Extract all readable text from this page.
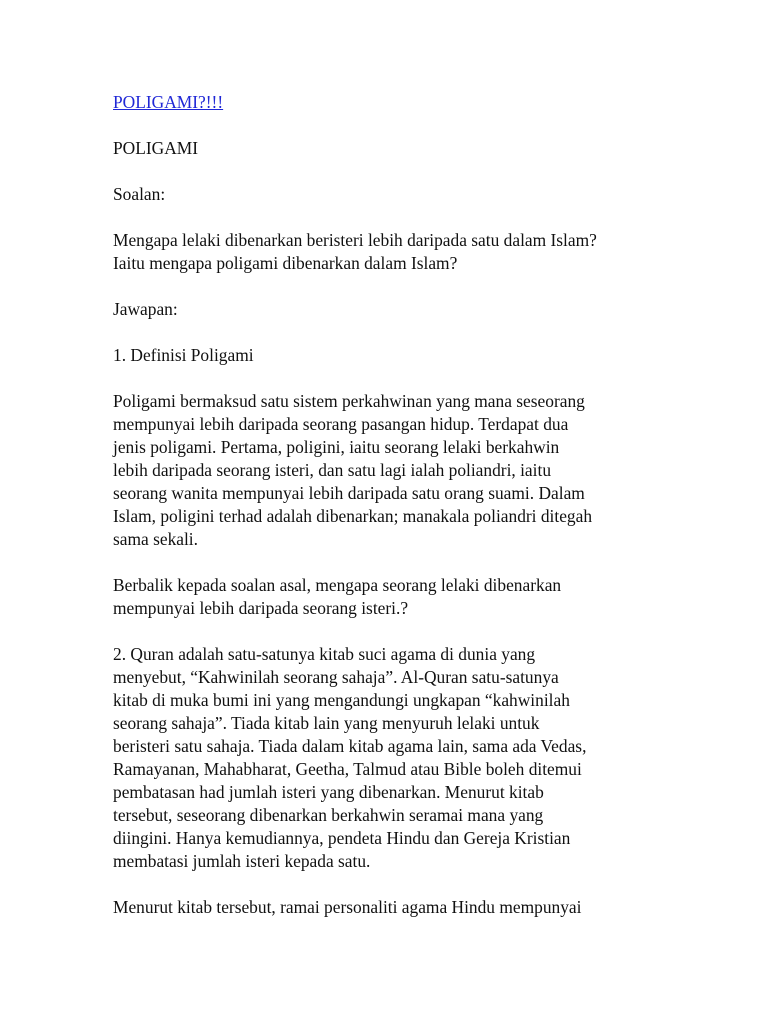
POLIGAMI?!!!
POLIGAMI
Soalan:
Mengapa lelaki dibenarkan beristeri lebih daripada satu dalam Islam?
Iaitu mengapa poligami dibenarkan dalam Islam?
Jawapan:
1. Definisi Poligami
Poligami bermaksud satu sistem perkahwinan yang mana seseorang
mempunyai lebih daripada seorang pasangan hidup. Terdapat dua
jenis poligami. Pertama, poligini, iaitu seorang lelaki berkahwin
lebih daripada seorang isteri, dan satu lagi ialah poliandri, iaitu
seorang wanita mempunyai lebih daripada satu orang suami. Dalam
Islam, poligini terhad adalah dibenarkan; manakala poliandri ditegah
sama sekali.
Berbalik kepada soalan asal, mengapa seorang lelaki dibenarkan
mempunyai lebih daripada seorang isteri.?
2. Quran adalah satu-satunya kitab suci agama di dunia yang
menyebut, “Kahwinilah seorang sahaja”. Al-Quran satu-satunya
kitab di muka bumi ini yang mengandungi ungkapan “kahwinilah
seorang sahaja”. Tiada kitab lain yang menyuruh lelaki untuk
beristeri satu sahaja. Tiada dalam kitab agama lain, sama ada Vedas,
Ramayanan, Mahabharat, Geetha, Talmud atau Bible boleh ditemui
pembatasan had jumlah isteri yang dibenarkan. Menurut kitab
tersebut, seseorang dibenarkan berkahwin seramai mana yang
diingini. Hanya kemudiannya, pendeta Hindu dan Gereja Kristian
membatasi jumlah isteri kepada satu.
Menurut kitab tersebut, ramai personaliti agama Hindu mempunyai
